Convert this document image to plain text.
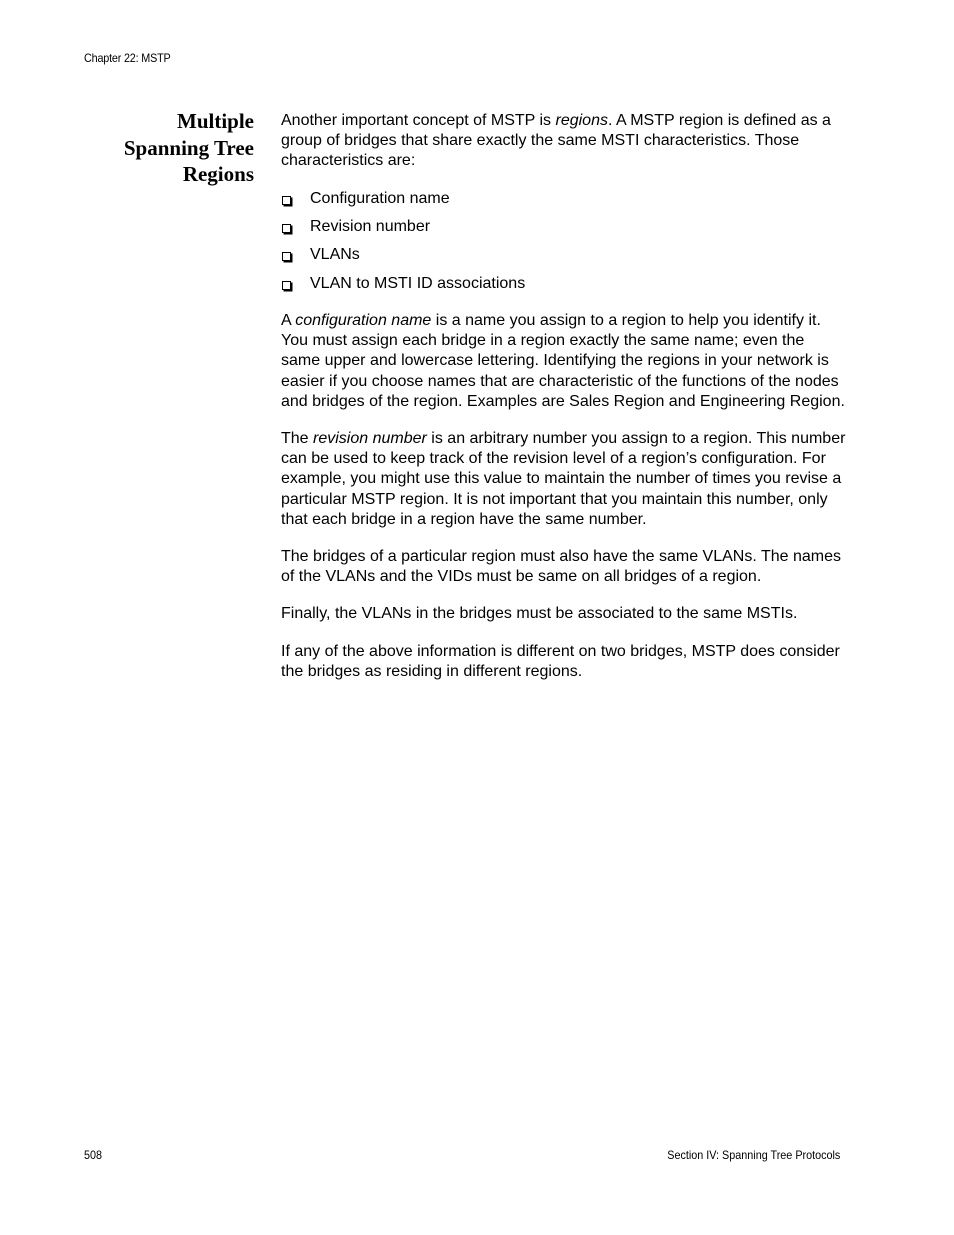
Chapter 22: MSTP
Multiple
Spanning Tree
Regions

Another important concept of MSTP is regions. A MSTP region is defined as a group of bridges that share exactly the same MSTI characteristics. Those characteristics are:

Configuration name
Revision number
VLANs
VLAN to MSTI ID associations

A configuration name is a name you assign to a region to help you identify it. You must assign each bridge in a region exactly the same name; even the same upper and lowercase lettering. Identifying the regions in your network is easier if you choose names that are characteristic of the functions of the nodes and bridges of the region. Examples are Sales Region and Engineering Region.

The revision number is an arbitrary number you assign to a region. This number can be used to keep track of the revision level of a region’s configuration. For example, you might use this value to maintain the number of times you revise a particular MSTP region. It is not important that you maintain this number, only that each bridge in a region have the same number.

The bridges of a particular region must also have the same VLANs. The names of the VLANs and the VIDs must be same on all bridges of a region.

Finally, the VLANs in the bridges must be associated to the same MSTIs.

If any of the above information is different on two bridges, MSTP does consider the bridges as residing in different regions.

508	Section IV: Spanning Tree Protocols
